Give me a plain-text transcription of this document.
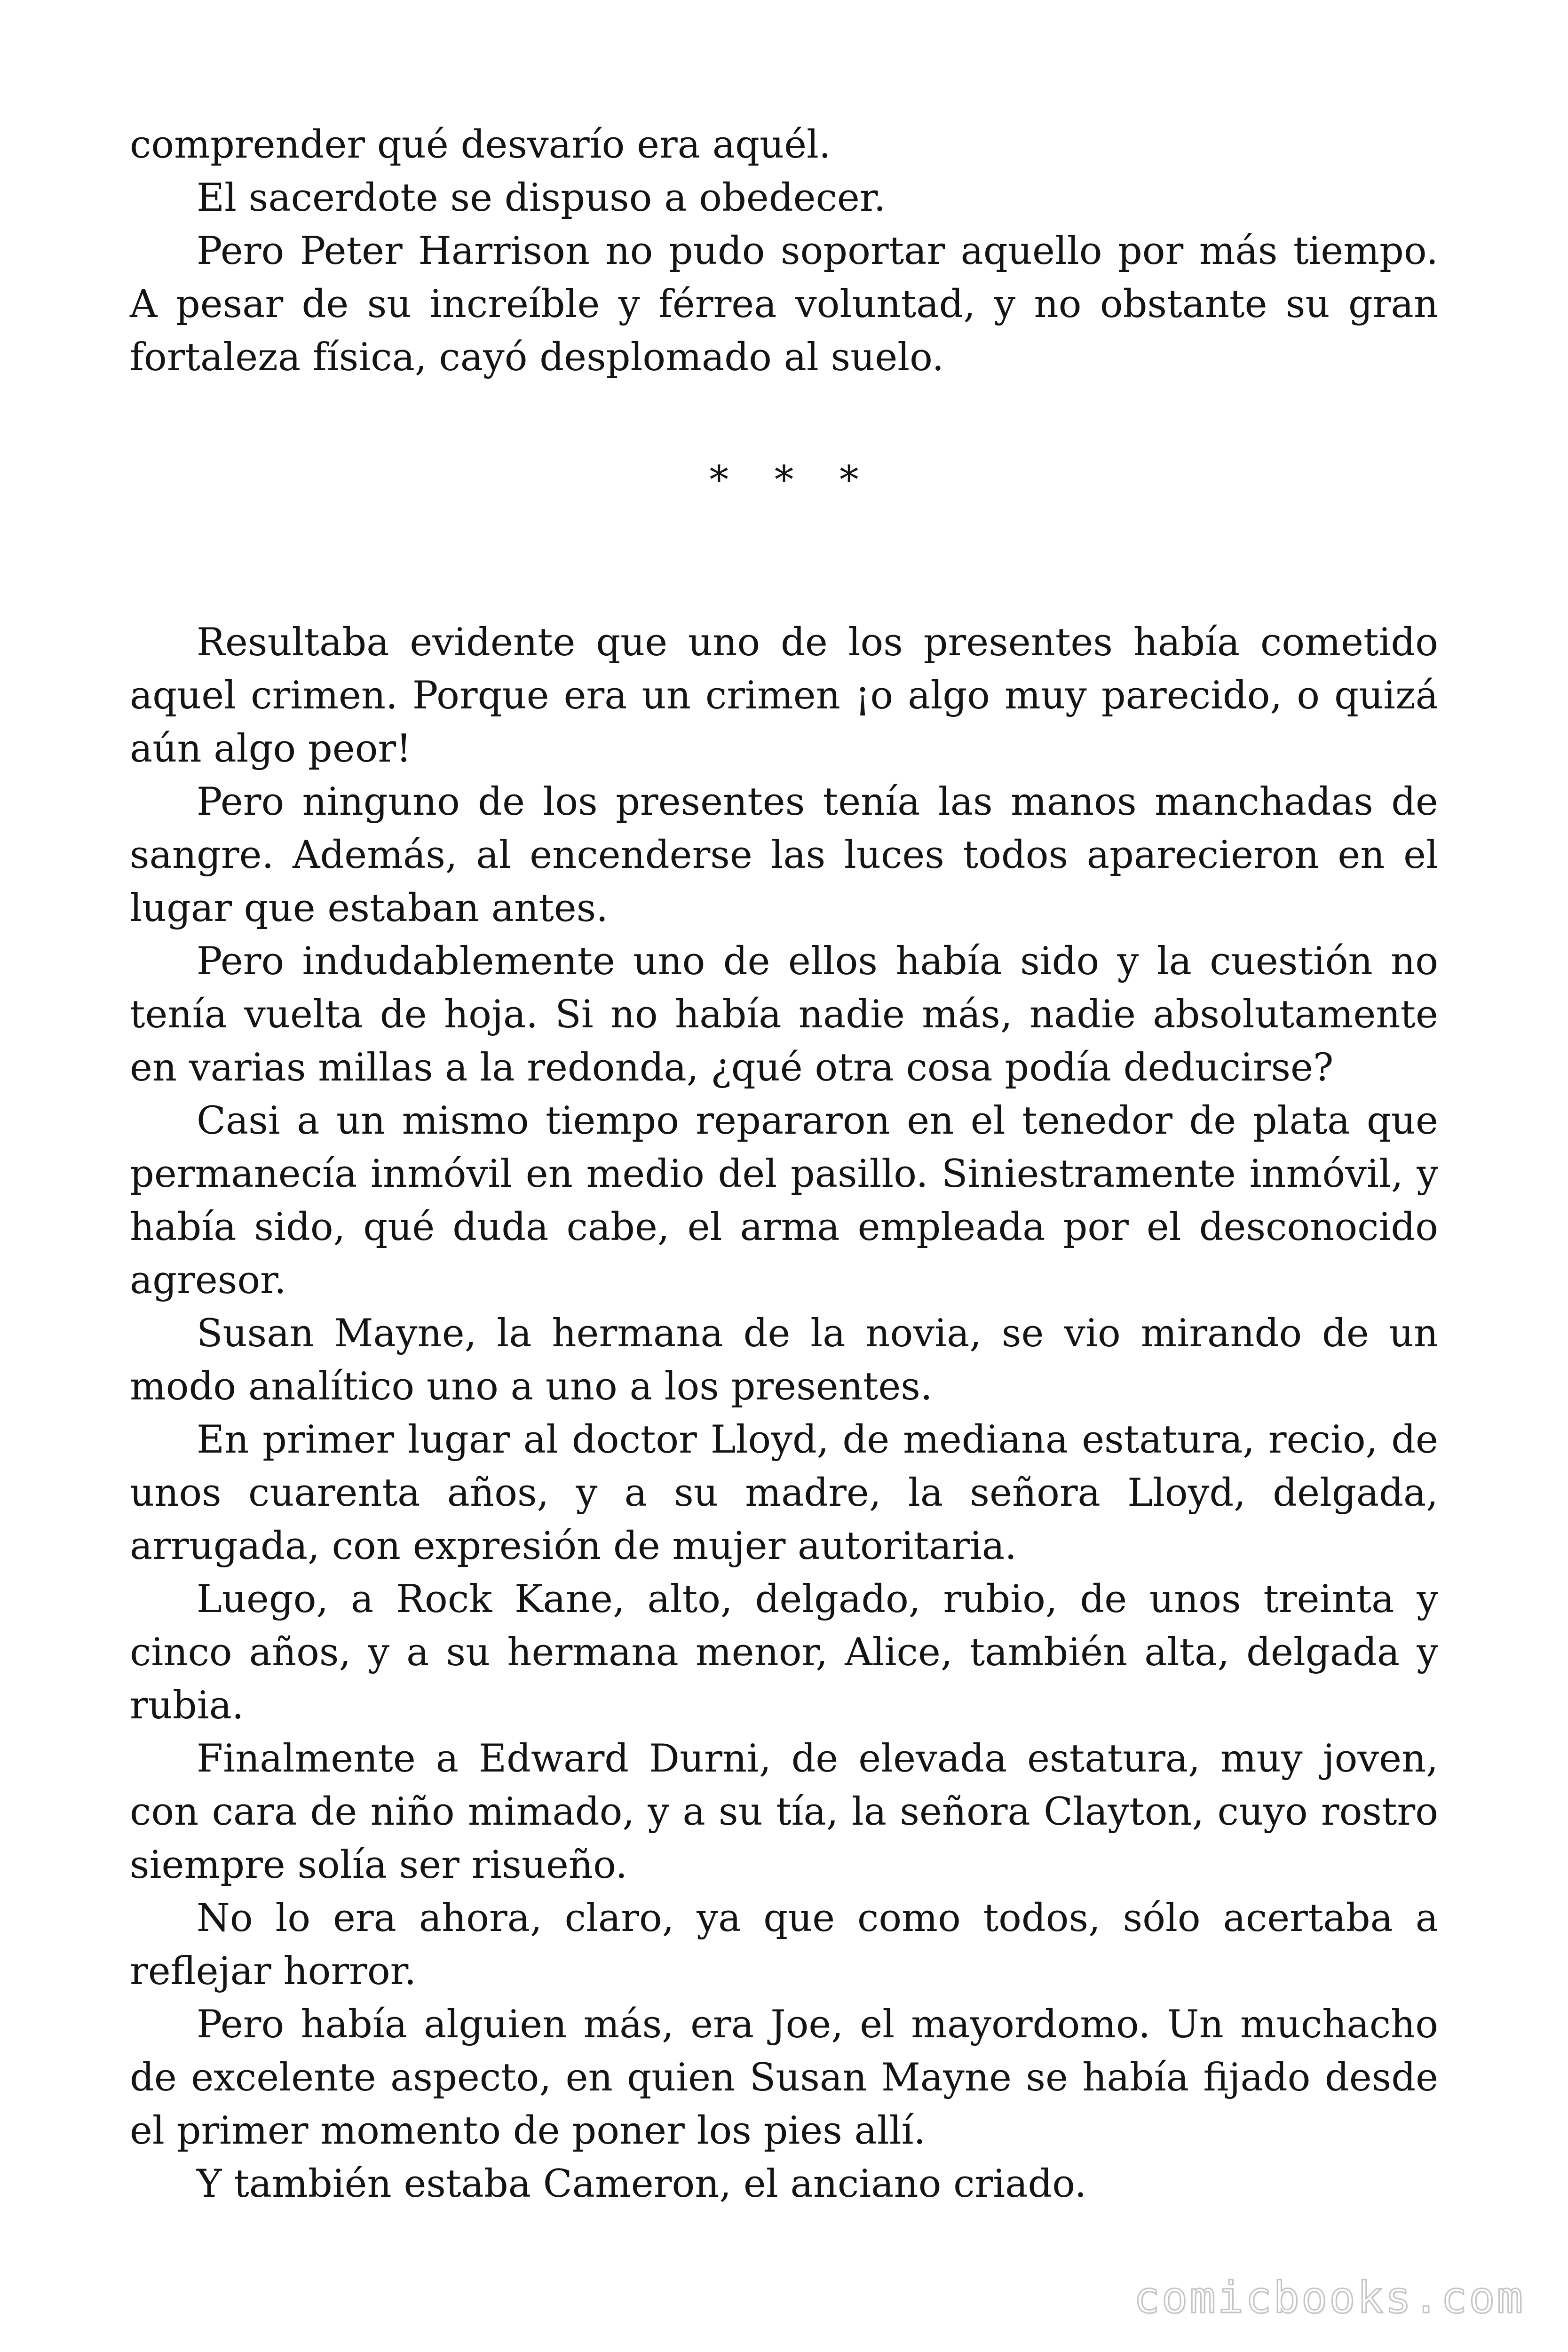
comprender qué desvarío era aquél.

El sacerdote se dispuso a obedecer.

Pero Peter Harrison no pudo soportar aquello por más tiempo. A pesar de su increíble y férrea voluntad, y no obstante su gran fortaleza física, cayó desplomado al suelo.

* * *

Resultaba evidente que uno de los presentes había cometido aquel crimen. Porque era un crimen ¡o algo muy parecido, o quizá aún algo peor!

Pero ninguno de los presentes tenía las manos manchadas de sangre. Además, al encenderse las luces todos aparecieron en el lugar que estaban antes.

Pero indudablemente uno de ellos había sido y la cuestión no tenía vuelta de hoja. Si no había nadie más, nadie absolutamente en varias millas a la redonda, ¿qué otra cosa podía deducirse?

Casi a un mismo tiempo repararon en el tenedor de plata que permanecía inmóvil en medio del pasillo. Siniestramente inmóvil, y había sido, qué duda cabe, el arma empleada por el desconocido agresor.

Susan Mayne, la hermana de la novia, se vio mirando de un modo analítico uno a uno a los presentes.

En primer lugar al doctor Lloyd, de mediana estatura, recio, de unos cuarenta años, y a su madre, la señora Lloyd, delgada, arrugada, con expresión de mujer autoritaria.

Luego, a Rock Kane, alto, delgado, rubio, de unos treinta y cinco años, y a su hermana menor, Alice, también alta, delgada y rubia.

Finalmente a Edward Durni, de elevada estatura, muy joven, con cara de niño mimado, y a su tía, la señora Clayton, cuyo rostro siempre solía ser risueño.

No lo era ahora, claro, ya que como todos, sólo acertaba a reflejar horror.

Pero había alguien más, era Joe, el mayordomo. Un muchacho de excelente aspecto, en quien Susan Mayne se había fijado desde el primer momento de poner los pies allí.

Y también estaba Cameron, el anciano criado.

comicbooks.com
